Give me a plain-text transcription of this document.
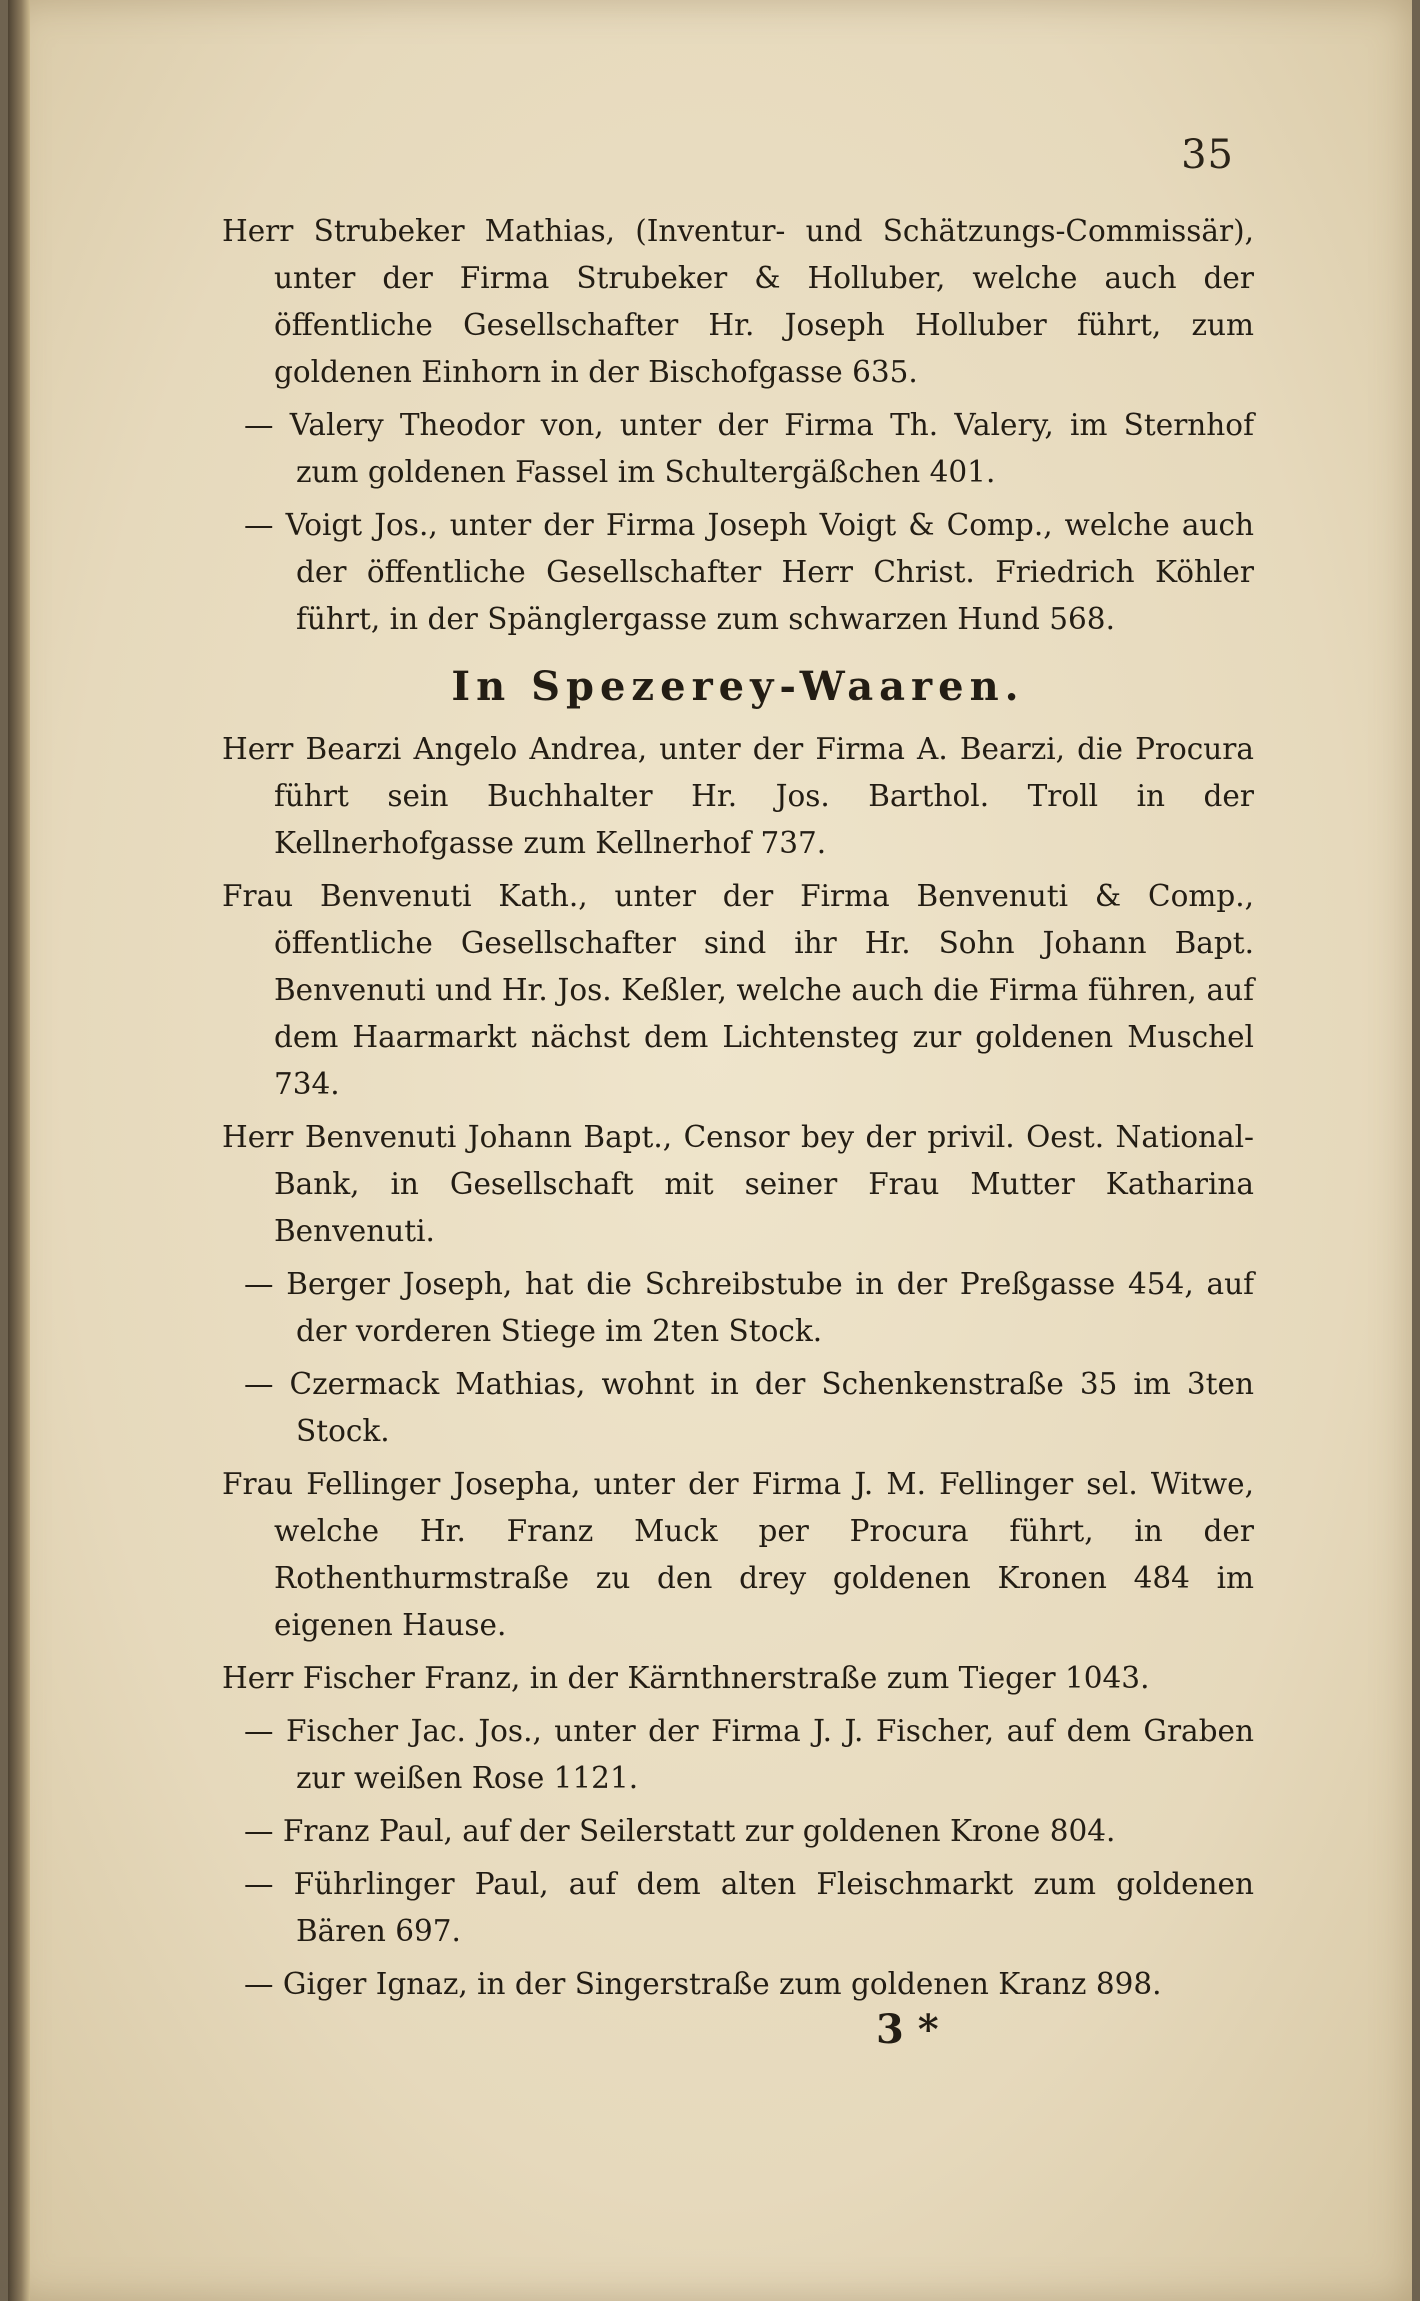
35

Herr Strubeker Mathias, (Inventur- und Schätzungs-Commissär), unter der Firma Strubeker & Holluber, welche auch der öffentliche Gesellschafter Hr. Joseph Holluber führt, zum goldenen Einhorn in der Bischofgasse 635.

— Valery Theodor von, unter der Firma Th. Valery, im Sternhof zum goldenen Fassel im Schultergäßchen 401.

— Voigt Jos., unter der Firma Joseph Voigt & Comp., welche auch der öffentliche Gesellschafter Herr Christ. Friedrich Köhler führt, in der Spänglergasse zum schwarzen Hund 568.

In Spezerey-Waaren.

Herr Bearzi Angelo Andrea, unter der Firma A. Bearzi, die Procura führt sein Buchhalter Hr. Jos. Barthol. Troll in der Kellnerhofgasse zum Kellnerhof 737.

Frau Benvenuti Kath., unter der Firma Benvenuti & Comp., öffentliche Gesellschafter sind ihr Hr. Sohn Johann Bapt. Benvenuti und Hr. Jos. Keßler, welche auch die Firma führen, auf dem Haarmarkt nächst dem Lichtensteg zur goldenen Muschel 734.

Herr Benvenuti Johann Bapt., Censor bey der privil. Oest. National-Bank, in Gesellschaft mit seiner Frau Mutter Katharina Benvenuti.

— Berger Joseph, hat die Schreibstube in der Preßgasse 454, auf der vorderen Stiege im 2ten Stock.

— Czermack Mathias, wohnt in der Schenkenstraße 35 im 3ten Stock.

Frau Fellinger Josepha, unter der Firma J. M. Fellinger sel. Witwe, welche Hr. Franz Muck per Procura führt, in der Rothenthurmstraße zu den drey goldenen Kronen 484 im eigenen Hause.

Herr Fischer Franz, in der Kärnthnerstraße zum Tieger 1043.

— Fischer Jac. Jos., unter der Firma J. J. Fischer, auf dem Graben zur weißen Rose 1121.

— Franz Paul, auf der Seilerstatt zur goldenen Krone 804.

— Führlinger Paul, auf dem alten Fleischmarkt zum goldenen Bären 697.

— Giger Ignaz, in der Singerstraße zum goldenen Kranz 898.

3 *
